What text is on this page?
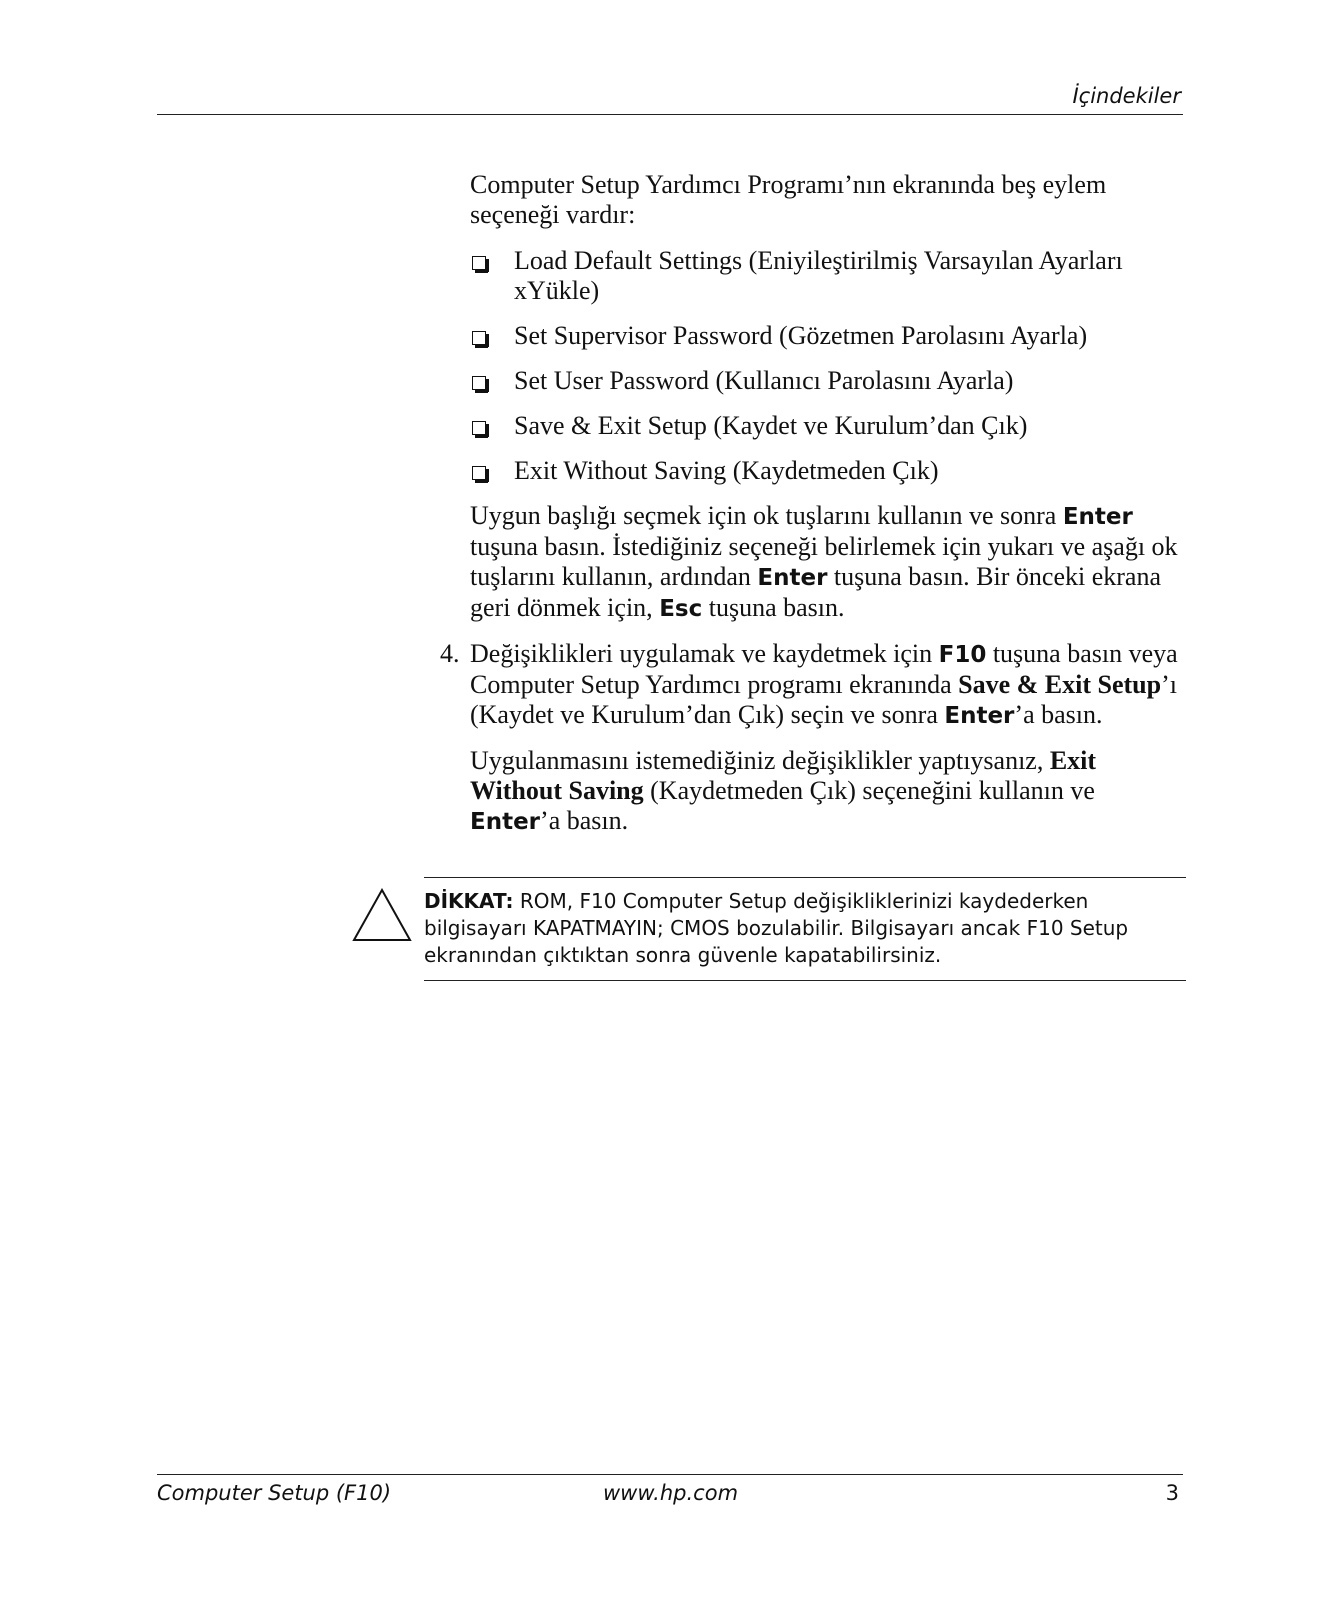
İçindekiler

Computer Setup Yardımcı Programı’nın ekranında beş eylem seçeneği vardır:

Load Default Settings (Eniyileştirilmiş Varsayılan Ayarları xYükle)
Set Supervisor Password (Gözetmen Parolasını Ayarla)
Set User Password (Kullanıcı Parolasını Ayarla)
Save & Exit Setup (Kaydet ve Kurulum’dan Çık)
Exit Without Saving (Kaydetmeden Çık)

Uygun başlığı seçmek için ok tuşlarını kullanın ve sonra Enter tuşuna basın. İstediğiniz seçeneği belirlemek için yukarı ve aşağı ok tuşlarını kullanın, ardından Enter tuşuna basın. Bir önceki ekrana geri dönmek için, Esc tuşuna basın.

4. Değişiklikleri uygulamak ve kaydetmek için F10 tuşuna basın veya Computer Setup Yardımcı programı ekranında Save & Exit Setup’ı (Kaydet ve Kurulum’dan Çık) seçin ve sonra Enter’a basın.

Uygulanmasını istemediğiniz değişiklikler yaptıysanız, Exit Without Saving (Kaydetmeden Çık) seçeneğini kullanın ve Enter’a basın.

DİKKAT: ROM, F10 Computer Setup değişikliklerinizi kaydederken bilgisayarı KAPATMAYIN; CMOS bozulabilir. Bilgisayarı ancak F10 Setup ekranından çıktıktan sonra güvenle kapatabilirsiniz.
Computer Setup (F10)	www.hp.com	3
